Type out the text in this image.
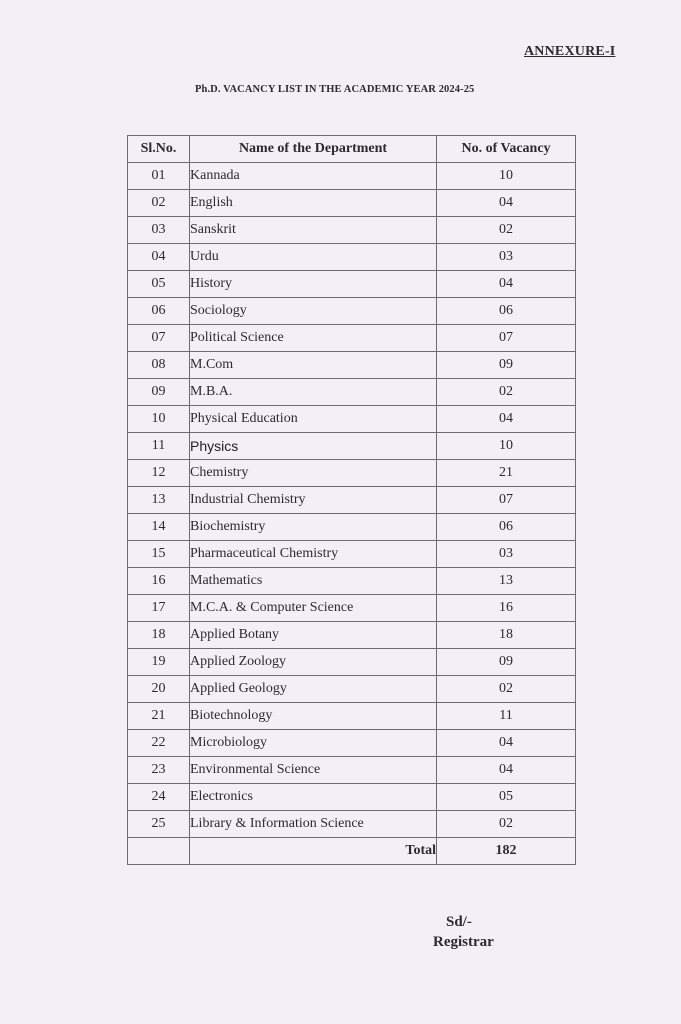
ANNEXURE-I
Ph.D. VACANCY LIST IN THE ACADEMIC YEAR 2024-25
Sl.No.	Name of the Department	No. of Vacancy
01	Kannada	10
02	English	04
03	Sanskrit	02
04	Urdu	03
05	History	04
06	Sociology	06
07	Political Science	07
08	M.Com	09
09	M.B.A.	02
10	Physical Education	04
11	Physics	10
12	Chemistry	21
13	Industrial Chemistry	07
14	Biochemistry	06
15	Pharmaceutical Chemistry	03
16	Mathematics	13
17	M.C.A. & Computer Science	16
18	Applied Botany	18
19	Applied Zoology	09
20	Applied Geology	02
21	Biotechnology	11
22	Microbiology	04
23	Environmental Science	04
24	Electronics	05
25	Library & Information Science	02
	Total	182
Sd/-
Registrar
